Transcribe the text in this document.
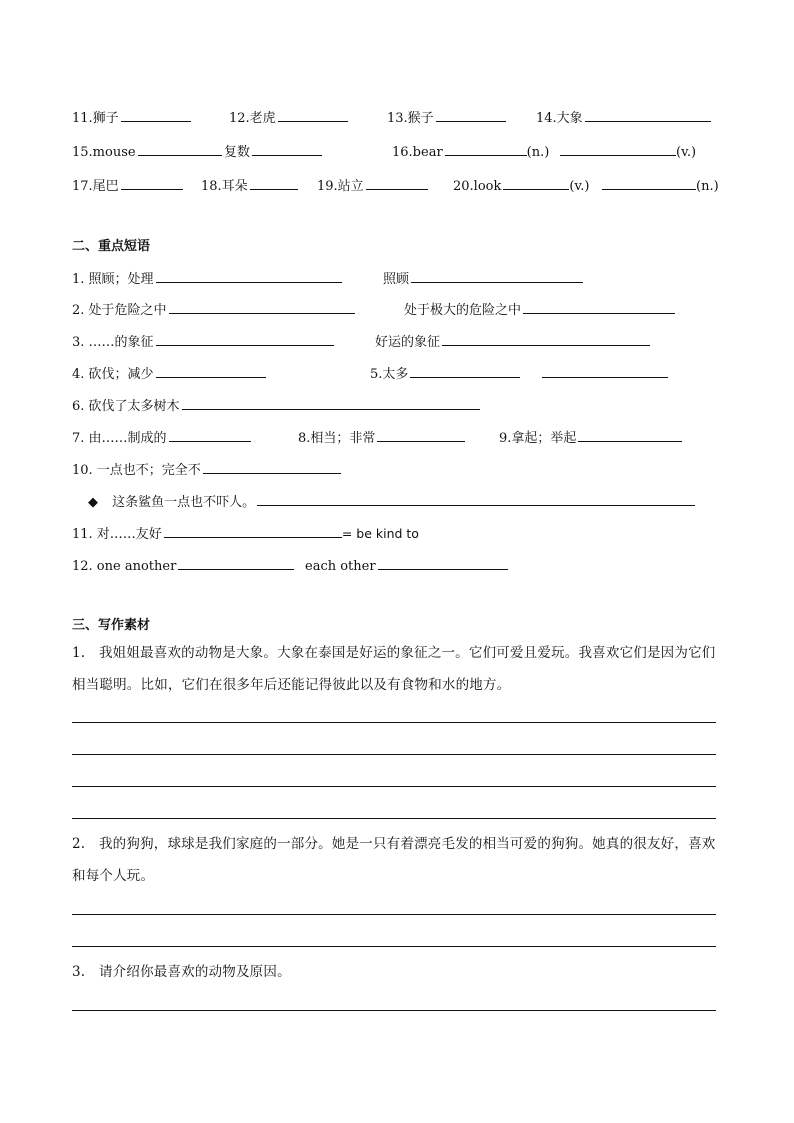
11.狮子	12.老虎	13.猴子	14.大象
15.mouse	复数	16.bear	(n.)	(v.)
17.尾巴	18.耳朵	19.站立	20.look	(v.)	(n.)
二、重点短语
1. 照顾；处理	照顾
2. 处于危险之中	处于极大的危险之中
3. ……的象征	好运的象征
4. 砍伐；减少	5.太多
6. 砍伐了太多树木
7. 由……制成的	8.相当；非常	9.拿起；举起
10. 一点也不；完全不
◆ 这条鲨鱼一点也不吓人。
11. 对……友好	= be kind to
12. one another	each other
三、写作素材
1.　我姐姐最喜欢的动物是大象。大象在泰国是好运的象征之一。它们可爱且爱玩。我喜欢它们是因为它们相当聪明。比如，它们在很多年后还能记得彼此以及有食物和水的地方。
2.　我的狗狗，球球是我们家庭的一部分。她是一只有着漂亮毛发的相当可爱的狗狗。她真的很友好，喜欢和每个人玩。
3.　请介绍你最喜欢的动物及原因。
